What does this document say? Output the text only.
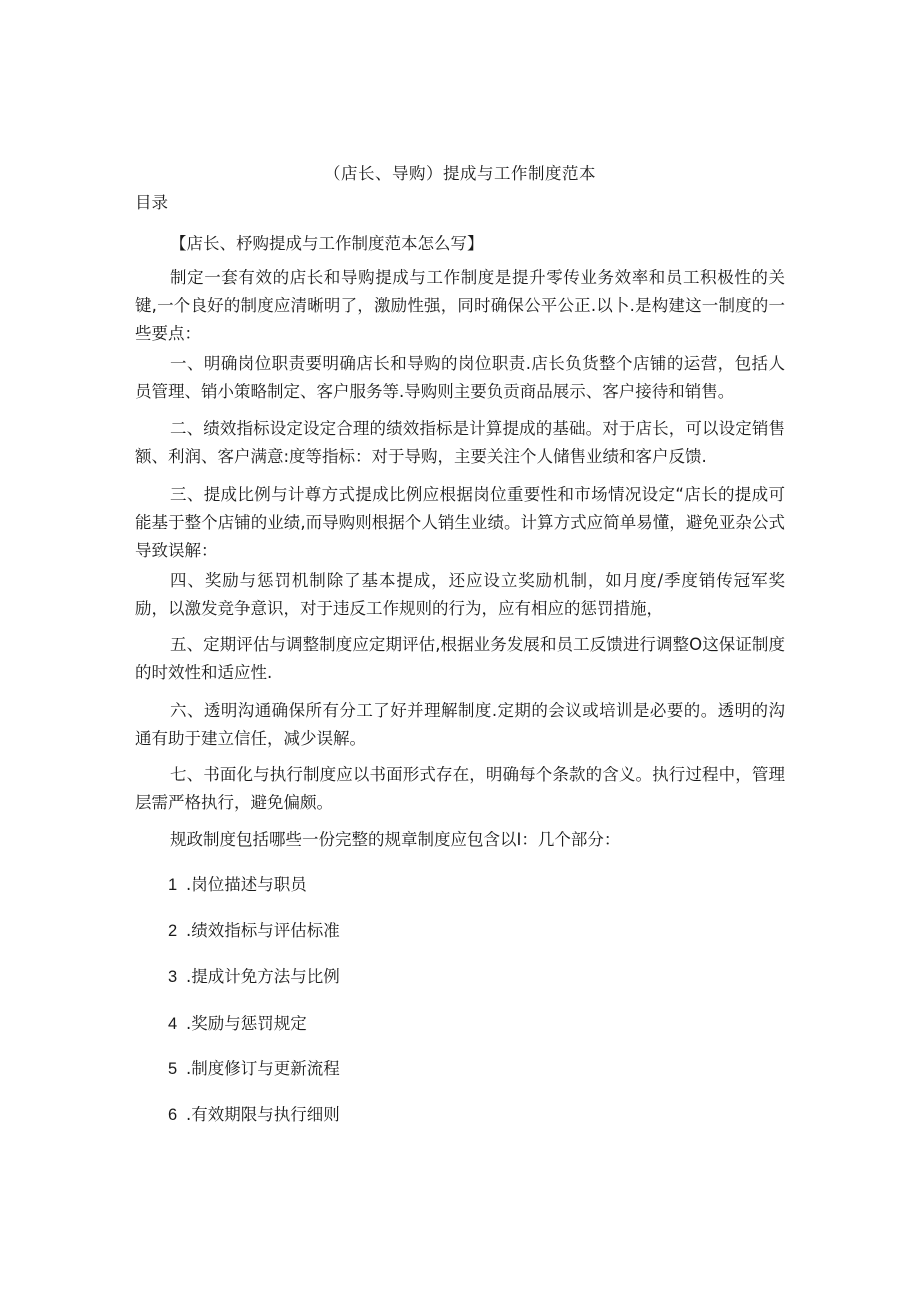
（店长、导购）提成与工作制度范本
目录
【店长、杼购提成与工作制度范本怎么写】
制定一套有效的店长和导购提成与工作制度是提升零传业务效率和员工积极性的关键,一个良好的制度应清晰明了，激励性强，同时确保公平公正.以卜.是构建这一制度的一些要点：
一、明确岗位职责要明确店长和导购的岗位职责.店长负货整个店铺的运营，包括人员管理、销小策略制定、客户服务等.导购则主要负贡商品展示、客户接待和销售。
二、绩效指标设定设定合理的绩效指标是计算提成的基础。对于店长，可以设定销售额、利润、客户满意:度等指标：对于导购，主要关注个人储售业绩和客户反馈.
三、提成比例与计尊方式提成比例应根据岗位重要性和市场情况设定“店长的提成可能基于整个店铺的业绩,而导购则根据个人销生业绩。计算方式应简单易懂，避免亚杂公式导致误解：
四、奖励与惩罚机制除了基本提成，还应设立奖励机制，如月度/季度销传冠军奖励，以激发竞争意识，对于违反工作规则的行为，应有相应的惩罚措施，
五、定期评估与调整制度应定期评估,根据业务发展和员工反馈进行调整O这保证制度的时效性和适应性.
六、透明沟通确保所有分工了好并理解制度.定期的会议或培训是必要的。透明的沟通有助于建立信任，减少误解。
七、书面化与执行制度应以书面形式存在，明确每个条款的含义。执行过程中，管理层需严格执行，避免偏颇。
规政制度包括哪些一份完整的规章制度应包含以I：几个部分：
1 .岗位描述与职员
2 .绩效指标与评估标准
3 .提成计免方法与比例
4 .奖励与惩罚规定
5 .制度修订与更新流程
6 .有效期限与执行细则
